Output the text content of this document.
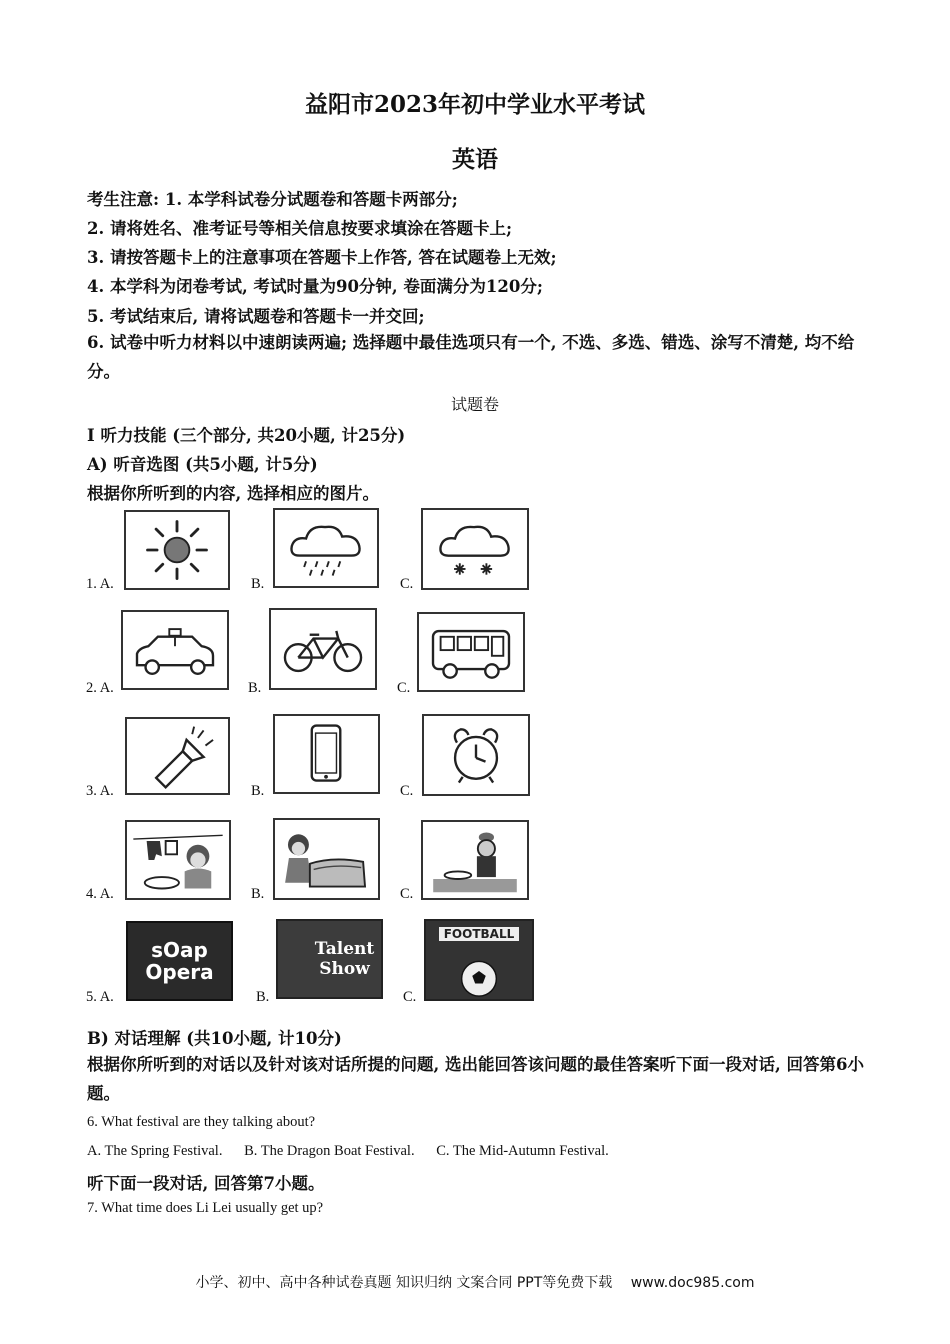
益阳市2023年初中学业水平考试
英语
考生注意: 1. 本学科试卷分试题卷和答题卡两部分;
2. 请将姓名、准考证号等相关信息按要求填涂在答题卡上;
3. 请按答题卡上的注意事项在答题卡上作答, 答在试题卷上无效;
4. 本学科为闭卷考试, 考试时量为90分钟, 卷面满分为120分;
5. 考试结束后, 请将试题卷和答题卡一并交回;
6. 试卷中听力材料以中速朗读两遍; 选择题中最佳选项只有一个, 不选、多选、错选、涂写不清楚, 均不给分。
试题卷
I 听力技能 (三个部分, 共20小题, 计25分)
A) 听音选图 (共5小题, 计5分)
根据你所听到的内容, 选择相应的图片。
1. A.	B.	C.
2. A.	B.	C.
3. A.	B.	C.
4. A.	B.	C.
5. A.
sOap Opera
B.
Talent Show
C.
FOOTBALL
B) 对话理解 (共10小题, 计10分)
根据你所听到的对话以及针对该对话所提的问题, 选出能回答该问题的最佳答案听下面一段对话, 回答第6小题。
6. What festival are they talking about?
A. The Spring Festival. B. The Dragon Boat Festival. C. The Mid-Autumn Festival.
听下面一段对话, 回答第7小题。
7. What time does Li Lei usually get up?
小学、初中、高中各种试卷真题 知识归纳 文案合同 PPT等免费下载　 www.doc985.com
